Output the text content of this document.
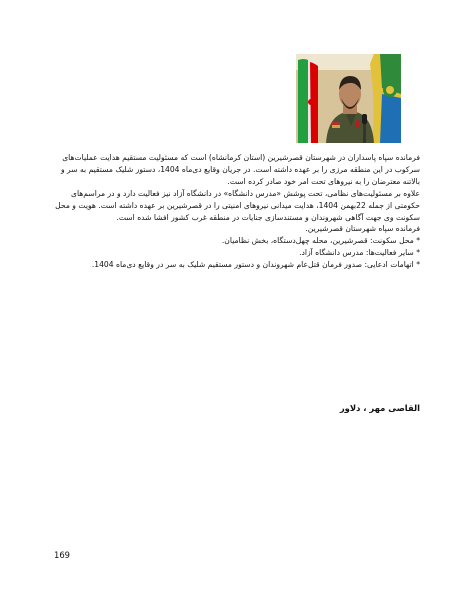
فرمانده سپاه پاسداران در شهرستان قصرشیرین (استان کرمانشاه) است که مسئولیت مستقیم هدایت عملیات‌های سرکوب در این منطقه مرزی را بر عهده داشته است. در جریان وقایع دی‌ماه 1404، دستور شلیک مستقیم به سر و بالاتنه معترضان را به نیروهای تحت امر خود صادر کرده است.

علاوه بر مسئولیت‌های نظامی، تحت پوشش «مدرس دانشگاه» در دانشگاه آزاد نیز فعالیت دارد و در مراسم‌های حکومتی از جمله 22بهمن 1404، هدایت میدانی نیروهای امنیتی را در قصرشیرین بر عهده داشته است. هویت و محل سکونت وی جهت آگاهی شهروندان و مستندسازی جنایات در منطقه غرب کشور افشا شده است.

فرمانده سپاه شهرستان قصرشیرین.

* محل سکونت: قصرشیرین، محله چهل‌دستگاه، بخش نظامیان.

* سایر فعالیت‌ها: مدرس دانشگاه آزاد.

* اتهامات ادعایی: صدور فرمان قتل‌عام شهروندان و دستور مستقیم شلیک به سر در وقایع دی‌ماه 1404.

القاصی مهر ، دلاور
169
